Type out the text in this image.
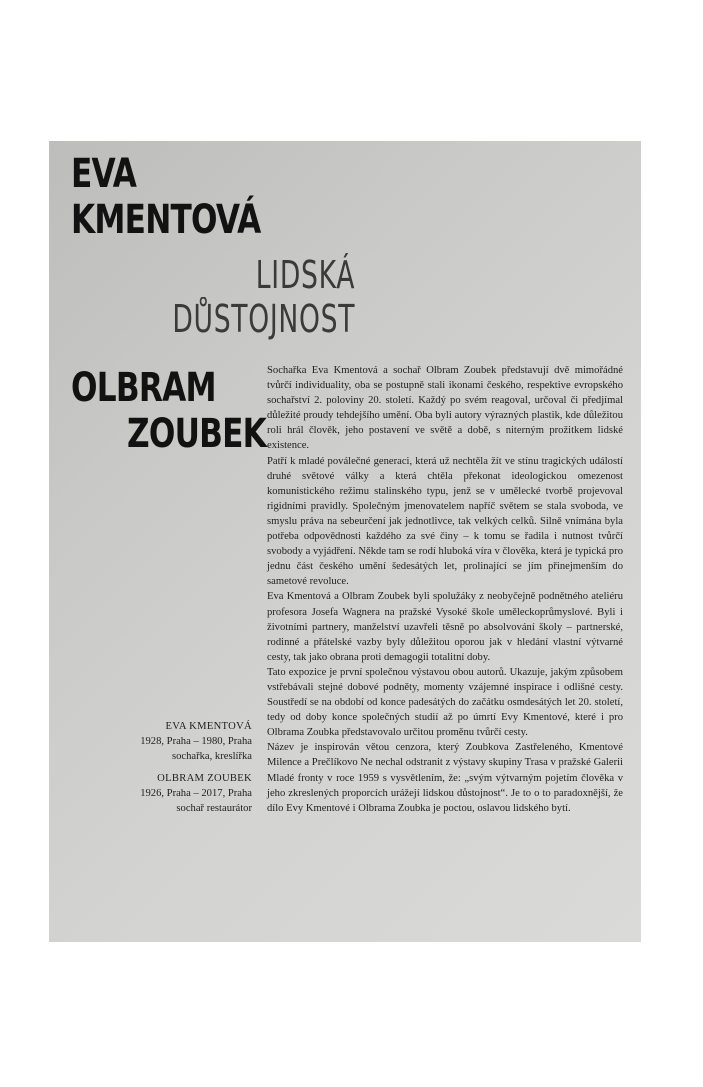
EVA
KMENTOVÁ
LIDSKÁ
DŮSTOJNOST
OLBRAM
ZOUBEK

Sochařka Eva Kmentová a sochař Olbram Zoubek představují dvě mimořádné tvůrčí individuality, oba se postupně stali ikonami českého, respektive evropského sochařství 2. poloviny 20. století. Každý po svém reagoval, určoval či předjímal důležité proudy tehdejšího umění. Oba byli autory výrazných plastik, kde důležitou roli hrál člověk, jeho postavení ve světě a době, s niterným prožitkem lidské existence.

Patří k mladé poválečné generaci, která už nechtěla žít ve stínu tragických událostí druhé světové války a která chtěla překonat ideologickou omezenost komunistického režimu stalinského typu, jenž se v umělecké tvorbě projevoval rigidními pravidly. Společným jmenovatelem napříč světem se stala svoboda, ve smyslu práva na sebeurčení jak jednotlivce, tak velkých celků. Silně vnímána byla potřeba odpovědnosti každého za své činy – k tomu se řadila i nutnost tvůrčí svobody a vyjádření. Někde tam se rodí hluboká víra v člověka, která je typická pro jednu část českého umění šedesátých let, prolinající se jím přinejmenším do sametové revoluce.

Eva Kmentová a Olbram Zoubek byli spolužáky z neobyčejně podnětného ateliéru profesora Josefa Wagnera na pražské Vysoké škole uměleckoprůmyslové. Byli i životními partnery, manželství uzavřeli těsně po absolvování školy – partnerské, rodinné a přátelské vazby byly důležitou oporou jak v hledání vlastní výtvarné cesty, tak jako obrana proti demagogii totalitní doby.

Tato expozice je první společnou výstavou obou autorů. Ukazuje, jakým způsobem vstřebávali stejné dobové podněty, momenty vzájemné inspirace i odlišné cesty. Soustředí se na období od konce padesátých do začátku osmdesátých let 20. století, tedy od doby konce společných studií až po úmrtí Evy Kmentové, které i pro Olbrama Zoubka představovalo určitou proměnu tvůrčí cesty.

Název je inspirován větou cenzora, který Zoubkova Zastřeleného, Kmentové Milence a Prečlíkovo Ne nechal odstranit z výstavy skupiny Trasa v pražské Galerii Mladé fronty v roce 1959 s vysvětlením, že: „svým výtvarným pojetím člověka v jeho zkreslených proporcích urážejí lidskou důstojnost“. Je to o to paradoxnější, že dílo Evy Kmentové i Olbrama Zoubka je poctou, oslavou lidského bytí.

EVA KMENTOVÁ
1928, Praha – 1980, Praha
sochařka, kreslířka
OLBRAM ZOUBEK
1926, Praha – 2017, Praha
sochař restaurátor
